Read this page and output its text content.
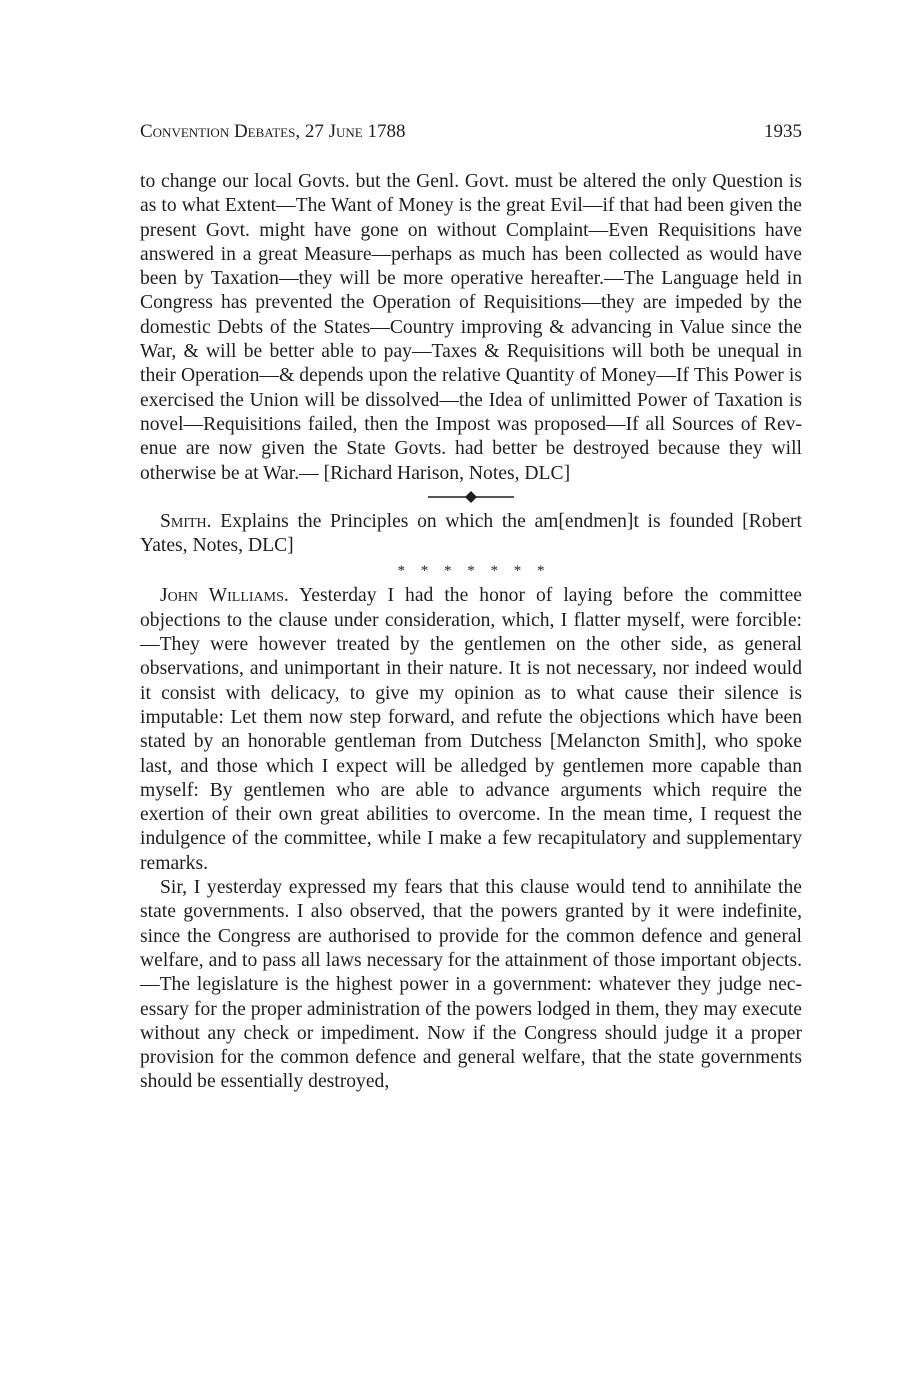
Convention Debates, 27 June 1788	1935

to change our local Govts. but the Genl. Govt. must be altered the only Question is as to what Extent—The Want of Money is the great Evil—if that had been given the present Govt. might have gone on without Complaint—Even Requisitions have answered in a great Measure—perhaps as much has been collected as would have been by Taxation—they will be more operative hereafter.—The Language held in Congress has prevented the Operation of Requisitions—they are impeded by the domestic Debts of the States—Country improving & advancing in Value since the War, & will be better able to pay—Taxes & Requisitions will both be unequal in their Operation—& depends upon the relative Quantity of Money—If This Power is exercised the Union will be dissolved—the Idea of unlimitted Power of Taxation is novel—Requisitions failed, then the Impost was proposed—If all Sources of Revenue are now given the State Govts. had better be destroyed because they will otherwise be at War.— [Richard Harison, Notes, DLC]

Smith. Explains the Principles on which the am[endmen]t is founded [Robert Yates, Notes, DLC]

* * * * * * *

John Williams. Yesterday I had the honor of laying before the committee objections to the clause under consideration, which, I flatter myself, were forcible:—They were however treated by the gentlemen on the other side, as general observations, and unimportant in their nature. It is not necessary, nor indeed would it consist with delicacy, to give my opinion as to what cause their silence is imputable: Let them now step forward, and refute the objections which have been stated by an honorable gentleman from Dutchess [Melancton Smith], who spoke last, and those which I expect will be alledged by gentlemen more capable than myself: By gentlemen who are able to advance arguments which require the exertion of their own great abilities to overcome. In the mean time, I request the indulgence of the committee, while I make a few recapitulatory and supplementary remarks.

Sir, I yesterday expressed my fears that this clause would tend to annihilate the state governments. I also observed, that the powers granted by it were indefinite, since the Congress are authorised to provide for the common defence and general welfare, and to pass all laws necessary for the attainment of those important objects.—The legislature is the highest power in a government: whatever they judge necessary for the proper administration of the powers lodged in them, they may execute without any check or impediment. Now if the Congress should judge it a proper provision for the common defence and general welfare, that the state governments should be essentially destroyed,
